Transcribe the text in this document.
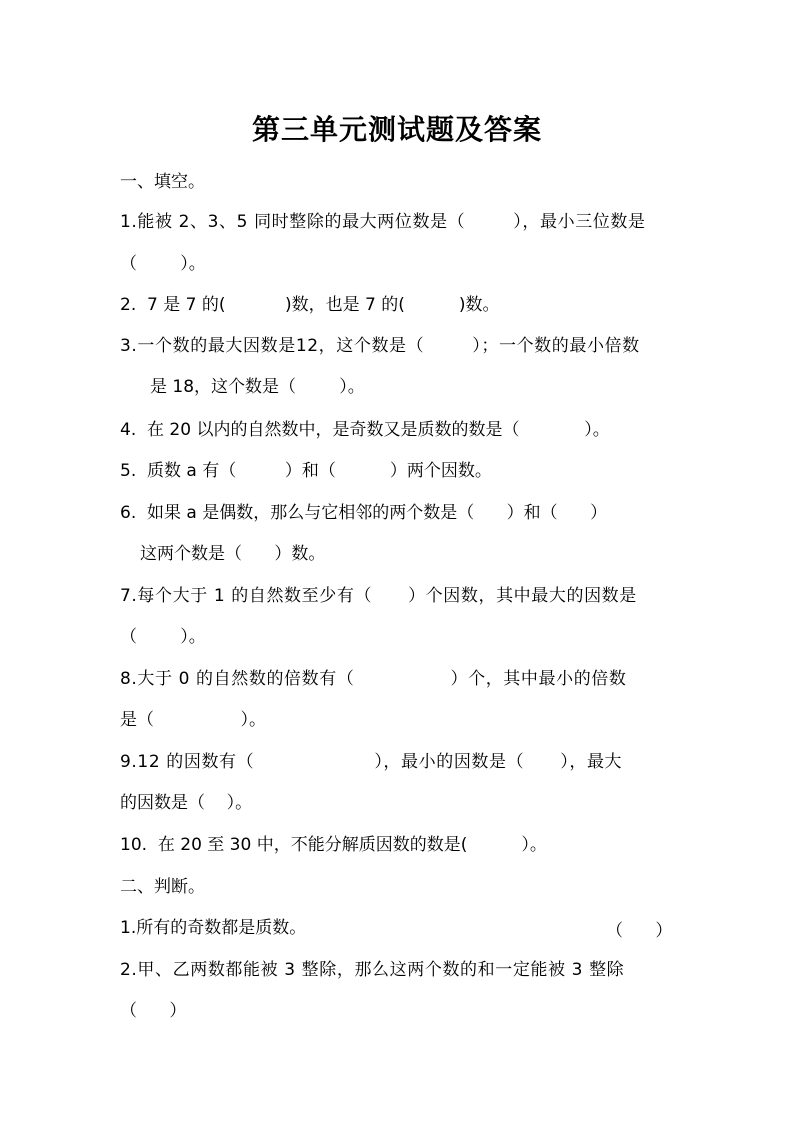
第三单元测试题及答案
一、填空。
1.能被 2、3、5 同时整除的最大两位数是（        ），最小三位数是
（        ）。
2.  7 是 7 的(           )数，也是 7 的(          )数。
3.一个数的最大因数是12，这个数是（        ）；一个数的最小倍数
是 18，这个数是（        ）。
4.  在 20 以内的自然数中，是奇数又是质数的数是（            ）。
5.  质数 a 有（         ）和（          ）两个因数。
6.  如果 a 是偶数，那么与它相邻的两个数是（      ）和（      ）
这两个数是（      ）数。
7.每个大于 1 的自然数至少有（      ）个因数，其中最大的因数是
（        ）。
8.大于 0 的自然数的倍数有（                ）个，其中最小的倍数
是（                ）。
9.12 的因数有（                    ），最小的因数是（      ），最大
的因数是（    ）。
10.  在 20 至 30 中，不能分解质因数的数是(          ）。
二、判断。
1.所有的奇数都是质数。	（      ）
2.甲、乙两数都能被 3 整除，那么这两个数的和一定能被 3 整除
（      ）
